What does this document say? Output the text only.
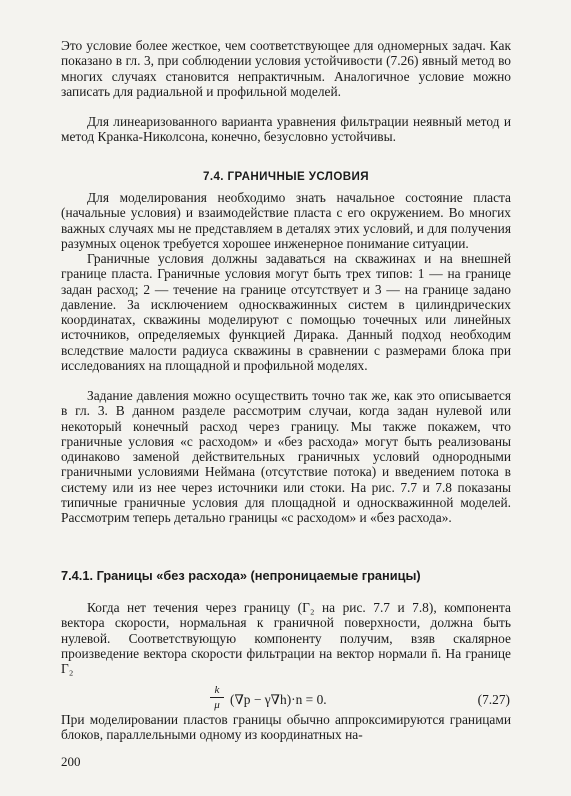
Это условие более жесткое, чем соответствующее для одномерных задач. Как показано в гл. 3, при соблюдении условия устойчивости (7.26) явный метод во многих случаях становится непрактичным. Аналогичное условие можно записать для радиальной и профильной моделей.

Для линеаризованного варианта уравнения фильтрации неявный метод и метод Кранка-Николсона, конечно, безусловно устойчивы.

7.4. ГРАНИЧНЫЕ УСЛОВИЯ

Для моделирования необходимо знать начальное состояние пласта (начальные условия) и взаимодействие пласта с его окружением. Во многих важных случаях мы не представляем в деталях этих условий, и для получения разумных оценок требуется хорошее инженерное понимание ситуации.

Граничные условия должны задаваться на скважинах и на внешней границе пласта. Граничные условия могут быть трех типов: 1 — на границе задан расход; 2 — течение на границе отсутствует и 3 — на границе задано давление. За исключением односкважинных систем в цилиндрических координатах, скважины моделируют с помощью точечных или линейных источников, определяемых функцией Дирака. Данный подход необходим вследствие малости радиуса скважины в сравнении с размерами блока при исследованиях на площадной и профильной моделях.

Задание давления можно осуществить точно так же, как это описывается в гл. 3. В данном разделе рассмотрим случаи, когда задан нулевой или некоторый конечный расход через границу. Мы также покажем, что граничные условия «с расходом» и «без расхода» могут быть реализованы одинаково заменой действительных граничных условий однородными граничными условиями Неймана (отсутствие потока) и введением потока в систему или из нее через источники или стоки. На рис. 7.7 и 7.8 показаны типичные граничные условия для площадной и односкважинной моделей. Рассмотрим теперь детально границы «с расходом» и «без расхода».

7.4.1. Границы «без расхода» (непроницаемые границы)

Когда нет течения через границу (Γ₂ на рис. 7.7 и 7.8), компонента вектора скорости, нормальная к граничной поверхности, должна быть нулевой. Соответствующую компоненту получим, взяв скалярное произведение вектора скорости фильтрации на вектор нормали n̄. На границе Γ₂

k
μ (∇p − γ∇h)·n = 0.	(7.27)

При моделировании пластов границы обычно аппроксимируются границами блоков, параллельными одному из координатных на-

200
